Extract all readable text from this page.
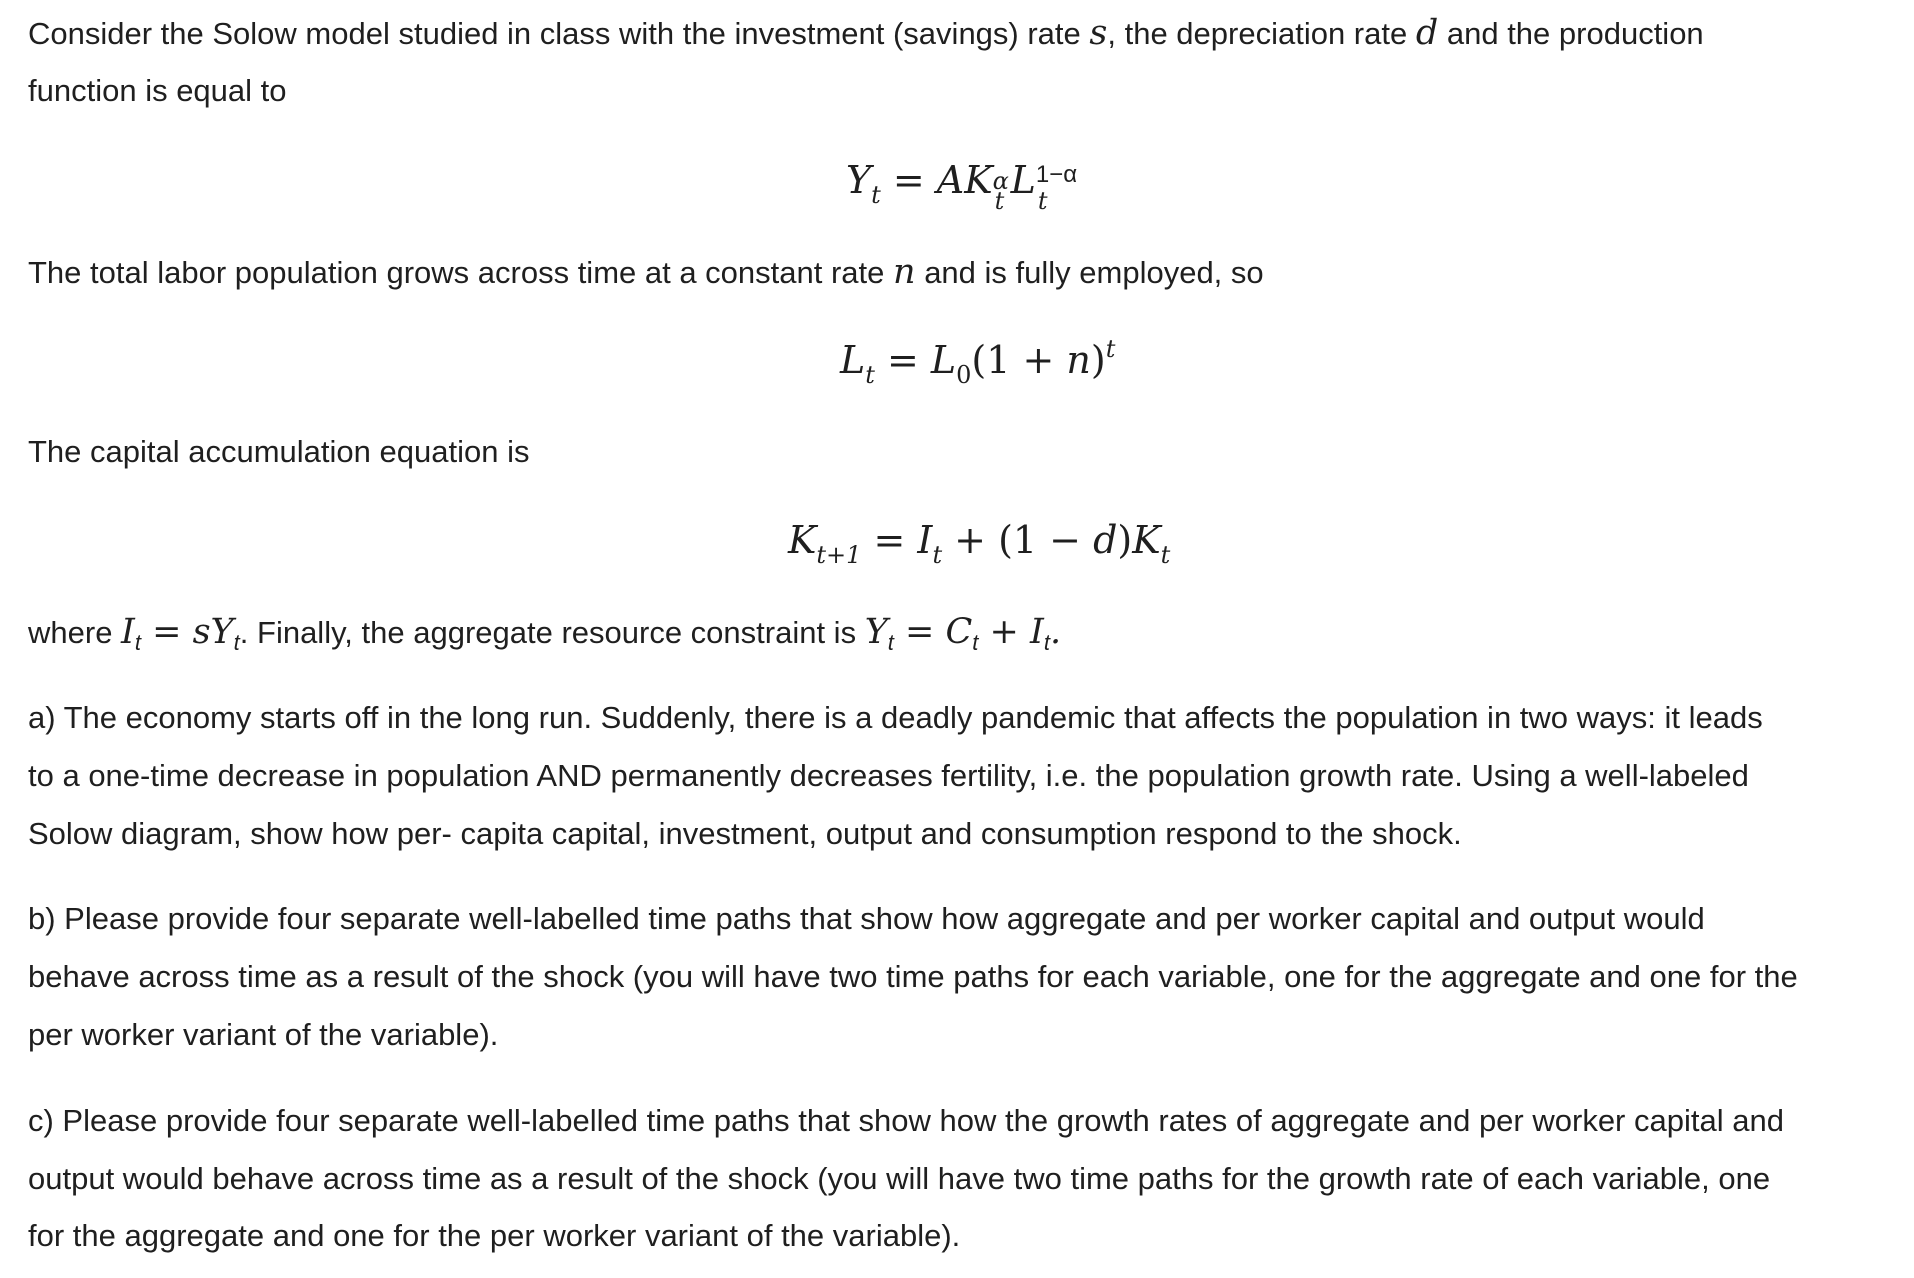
Consider the Solow model studied in class with the investment (savings) rate s, the depreciation rate d and the production
function is equal to
$Y_t$ = AK α
t L 1−α
t
The total labor population grows across time at a constant rate n and is fully employed, so
$L_t = L_0(1 + n)^t$
The capital accumulation equation is
$K_{t+1} = I_t + (1 - d)K_t$
where $I_t = sY_t$. Finally, the aggregate resource constraint is $Y_t = C_t + I_t$.
a) The economy starts off in the long run. Suddenly, there is a deadly pandemic that affects the population in two ways: it leads
to a one-time decrease in population AND permanently decreases fertility, i.e. the population growth rate. Using a well-labeled
Solow diagram, show how per- capita capital, investment, output and consumption respond to the shock.
b) Please provide four separate well-labelled time paths that show how aggregate and per worker capital and output would
behave across time as a result of the shock (you will have two time paths for each variable, one for the aggregate and one for the
per worker variant of the variable).
c) Please provide four separate well-labelled time paths that show how the growth rates of aggregate and per worker capital and
output would behave across time as a result of the shock (you will have two time paths for the growth rate of each variable, one
for the aggregate and one for the per worker variant of the variable).
